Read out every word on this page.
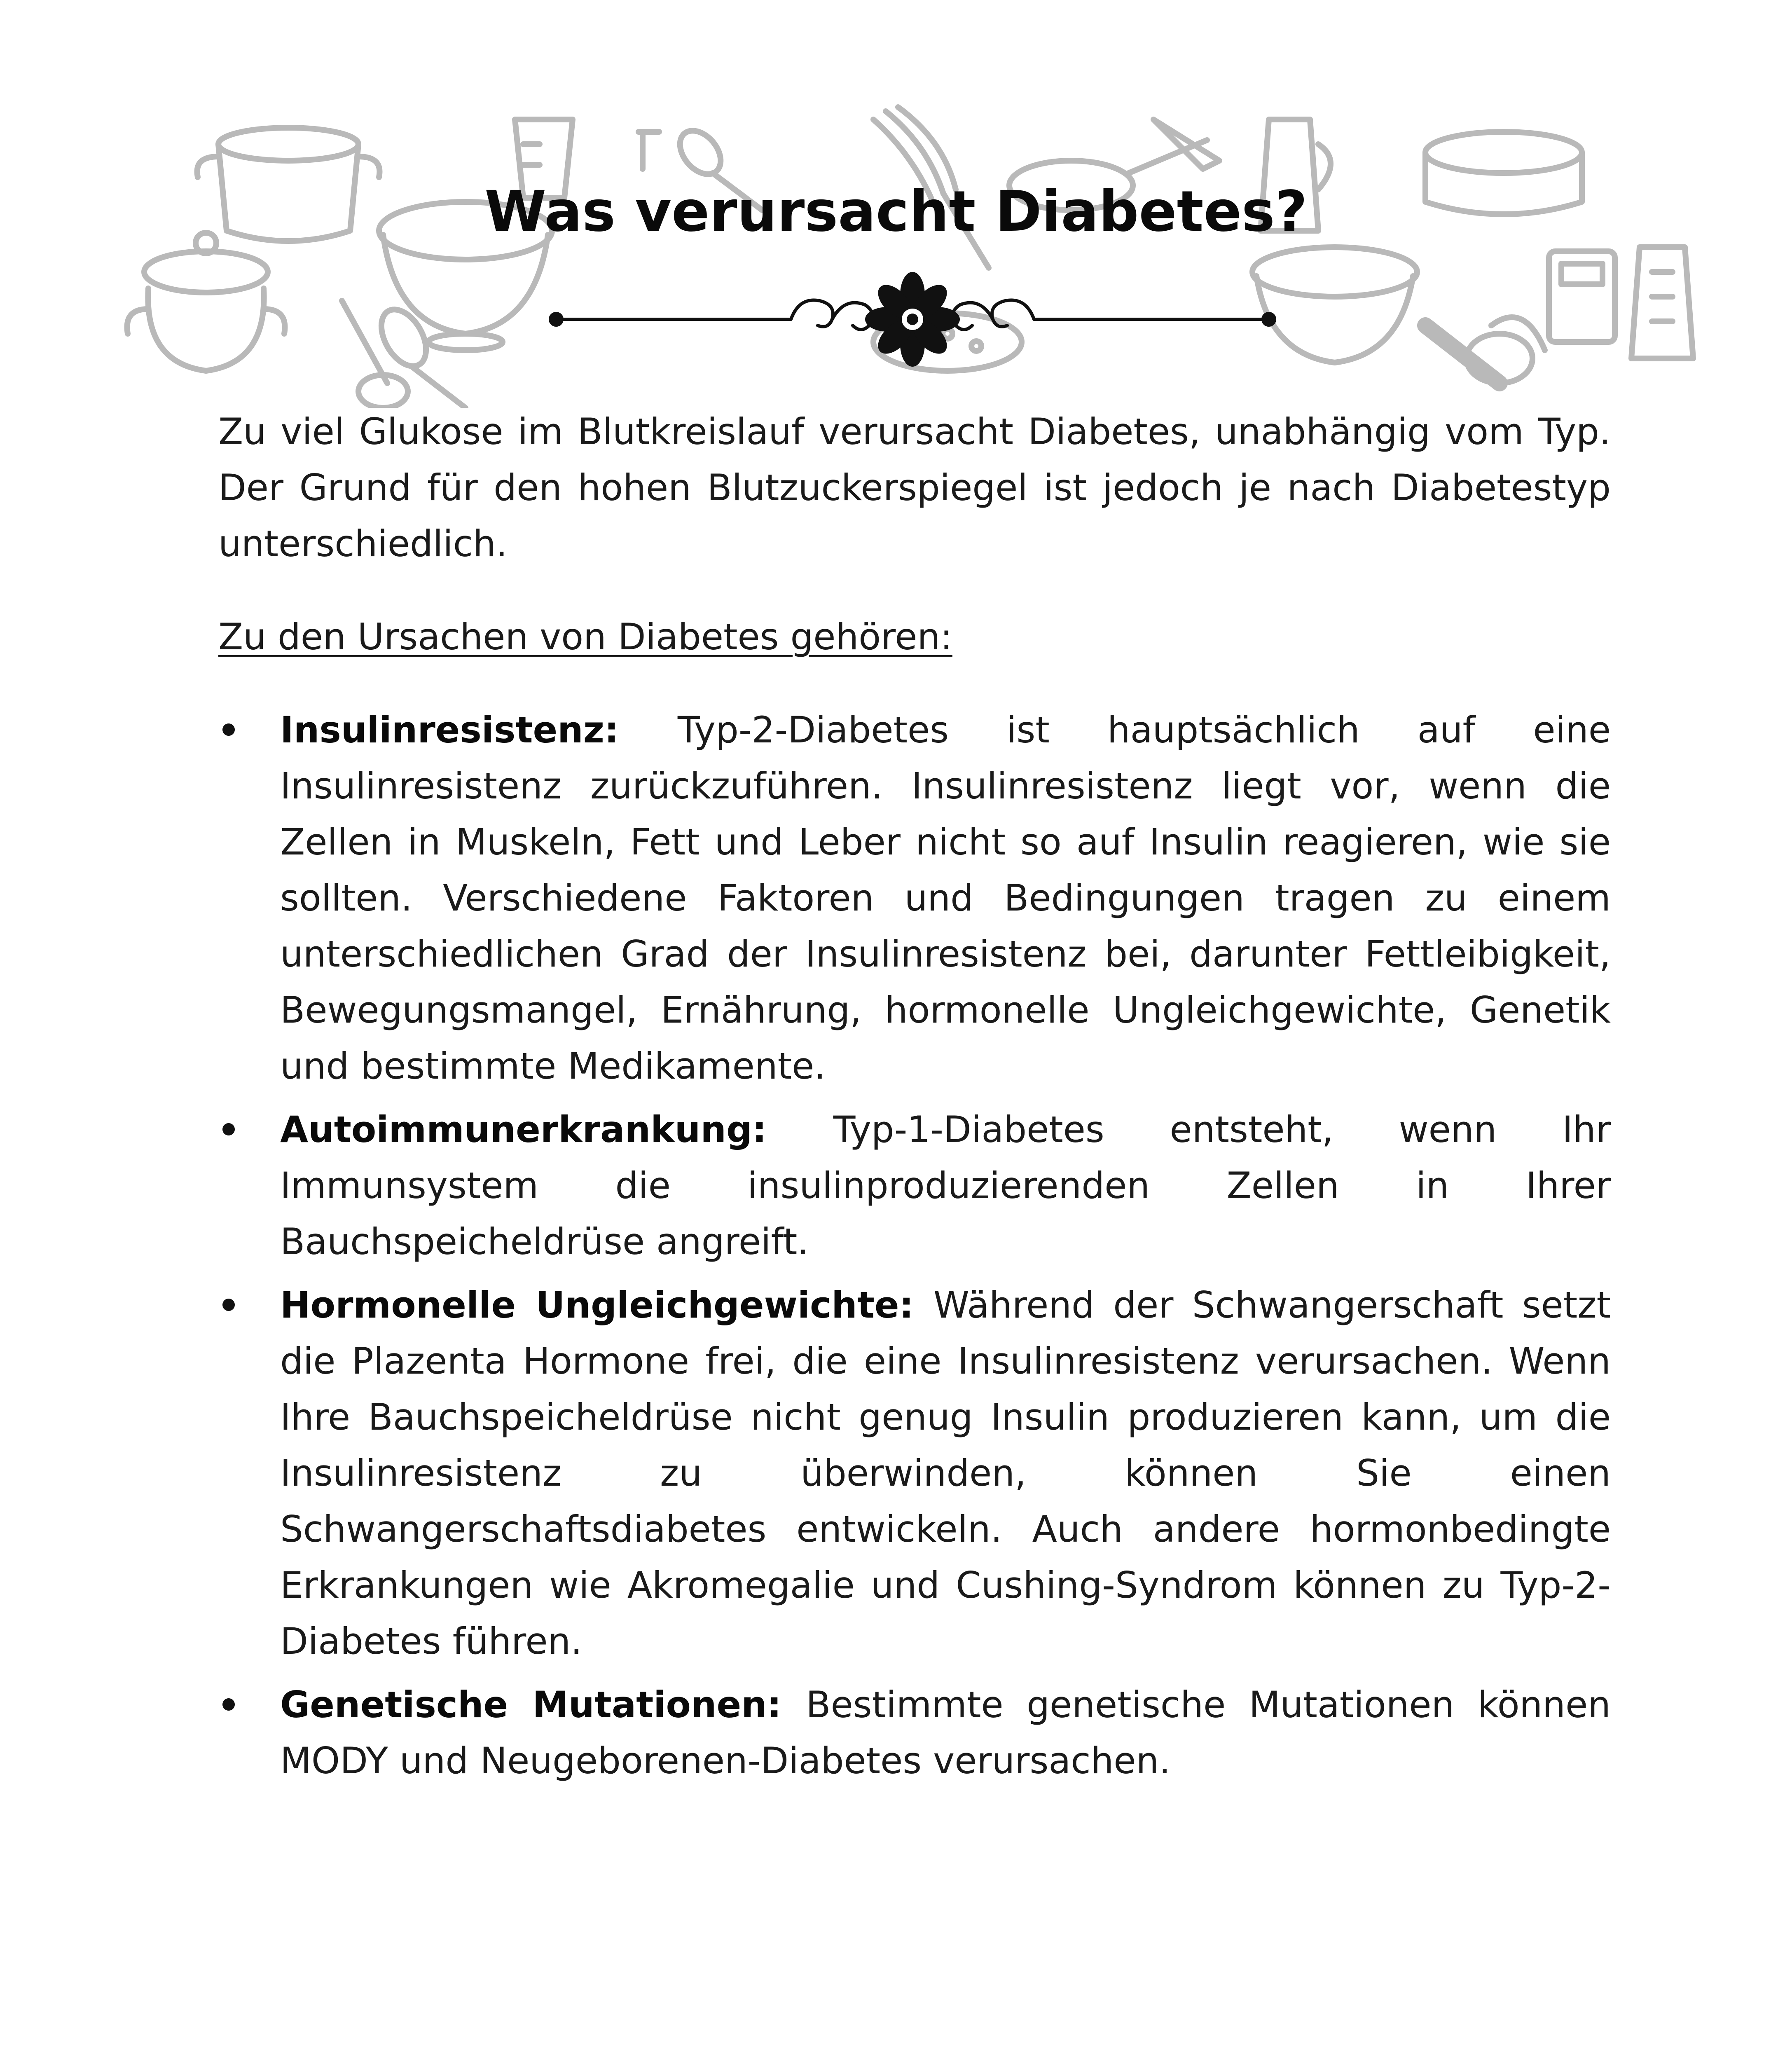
Was verursacht Diabetes?

Zu viel Glukose im Blutkreislauf verursacht Diabetes, unabhängig vom Typ. Der Grund für den hohen Blutzuckerspiegel ist jedoch je nach Diabetestyp unterschiedlich.

Zu den Ursachen von Diabetes gehören:

Insulinresistenz: Typ-2-Diabetes ist hauptsächlich auf eine Insulinresistenz zurückzuführen. Insulinresistenz liegt vor, wenn die Zellen in Muskeln, Fett und Leber nicht so auf Insulin reagieren, wie sie sollten. Verschiedene Faktoren und Bedingungen tragen zu einem unterschiedlichen Grad der Insulinresistenz bei, darunter Fettleibigkeit, Bewegungsmangel, Ernährung, hormonelle Ungleichgewichte, Genetik und bestimmte Medikamente.
Autoimmunerkrankung: Typ-1-Diabetes entsteht, wenn Ihr Immunsystem die insulinproduzierenden Zellen in Ihrer Bauchspeicheldrüse angreift.
Hormonelle Ungleichgewichte: Während der Schwangerschaft setzt die Plazenta Hormone frei, die eine Insulinresistenz verursachen. Wenn Ihre Bauchspeicheldrüse nicht genug Insulin produzieren kann, um die Insulinresistenz zu überwinden, können Sie einen Schwangerschaftsdiabetes entwickeln. Auch andere hormonbedingte Erkrankungen wie Akromegalie und Cushing-Syndrom können zu Typ-2-Diabetes führen.
Genetische Mutationen: Bestimmte genetische Mutationen können MODY und Neugeborenen-Diabetes verursachen.
